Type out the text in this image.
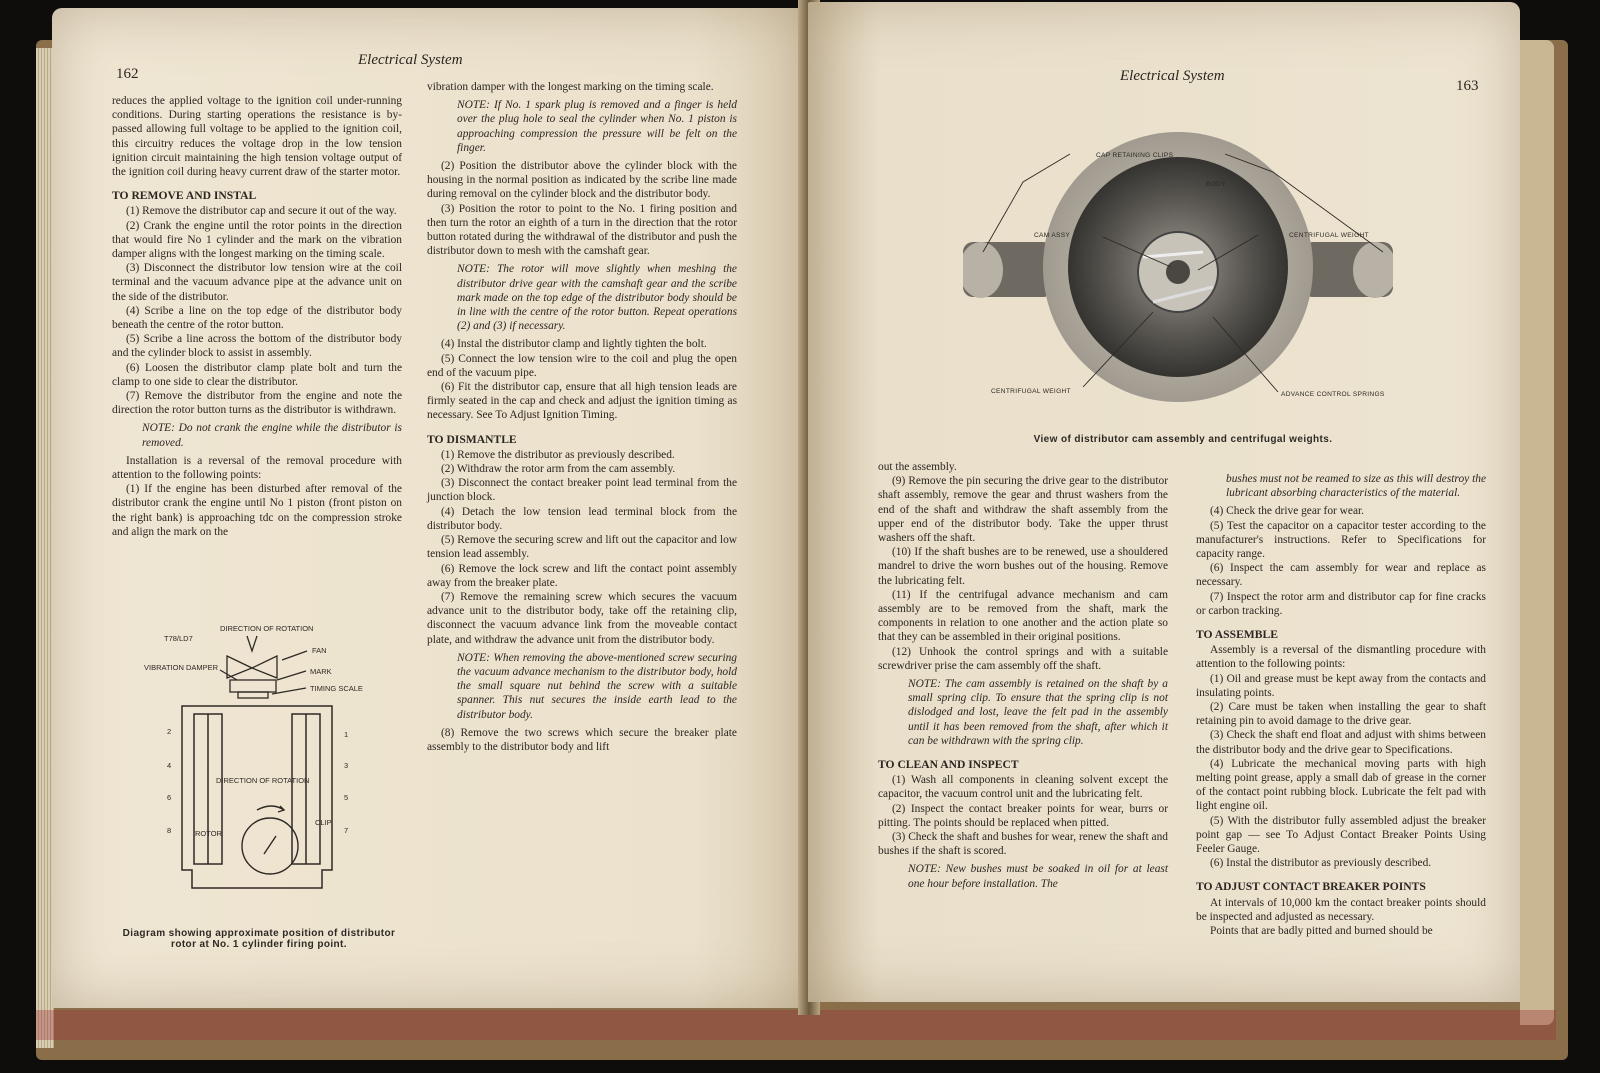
162
Electrical System

reduces the applied voltage to the ignition coil under-running conditions. During starting operations the resistance is by-passed allowing full voltage to be applied to the ignition coil, this circuitry reduces the voltage drop in the low tension ignition circuit maintaining the high tension voltage output of the ignition coil during heavy current draw of the starter motor.

TO REMOVE AND INSTAL

(1) Remove the distributor cap and secure it out of the way.

(2) Crank the engine until the rotor points in the direction that would fire No 1 cylinder and the mark on the vibration damper aligns with the longest marking on the timing scale.

(3) Disconnect the distributor low tension wire at the coil terminal and the vacuum advance pipe at the advance unit on the side of the distributor.

(4) Scribe a line on the top edge of the distributor body beneath the centre of the rotor button.

(5) Scribe a line across the bottom of the distributor body and the cylinder block to assist in assembly.

(6) Loosen the distributor clamp plate bolt and turn the clamp to one side to clear the distributor.

(7) Remove the distributor from the engine and note the direction the rotor button turns as the distributor is withdrawn.

NOTE: Do not crank the engine while the distributor is removed.

Installation is a reversal of the removal procedure with attention to the following points:

(1) If the engine has been disturbed after removal of the distributor crank the engine until No 1 piston (front piston on the right bank) is approaching tdc on the compression stroke and align the mark on the

vibration damper with the longest marking on the timing scale.

NOTE: If No. 1 spark plug is removed and a finger is held over the plug hole to seal the cylinder when No. 1 piston is approaching compression the pressure will be felt on the finger.

(2) Position the distributor above the cylinder block with the housing in the normal position as indicated by the scribe line made during removal on the cylinder block and the distributor body.

(3) Position the rotor to point to the No. 1 firing position and then turn the rotor an eighth of a turn in the direction that the rotor button rotated during the withdrawal of the distributor and push the distributor down to mesh with the camshaft gear.

NOTE: The rotor will move slightly when meshing the distributor drive gear with the camshaft gear and the scribe mark made on the top edge of the distributor body should be in line with the centre of the rotor button. Repeat operations (2) and (3) if necessary.

(4) Instal the distributor clamp and lightly tighten the bolt.

(5) Connect the low tension wire to the coil and plug the open end of the vacuum pipe.

(6) Fit the distributor cap, ensure that all high tension leads are firmly seated in the cap and check and adjust the ignition timing as necessary. See To Adjust Ignition Timing.

TO DISMANTLE

(1) Remove the distributor as previously described.

(2) Withdraw the rotor arm from the cam assembly.

(3) Disconnect the contact breaker point lead terminal from the junction block.

(4) Detach the low tension lead terminal block from the distributor body.

(5) Remove the securing screw and lift out the capacitor and low tension lead assembly.

(6) Remove the lock screw and lift the contact point assembly away from the breaker plate.

(7) Remove the remaining screw which secures the vacuum advance unit to the distributor body, take off the retaining clip, disconnect the vacuum advance link from the moveable contact plate, and withdraw the advance unit from the distributor body.

NOTE: When removing the above-mentioned screw securing the vacuum advance mechanism to the distributor body, hold the small square nut behind the screw with a suitable spanner. This nut secures the inside earth lead to the distributor body.

(8) Remove the two screws which secure the breaker plate assembly to the distributor body and lift

T78/LD7
DIRECTION OF ROTATION
FAN
VIBRATION DAMPER	MARK
TIMING SCALE
DIRECTION OF ROTATION
ROTOR
CLIP
2
4
6
8
1
3
5
7
Diagram showing approximate position of distributor
rotor at No. 1 cylinder firing point.
Electrical System
163
CAP RETAINING CLIPS
BODY
CAM ASSY	CENTRIFUGAL WEIGHT
CENTRIFUGAL WEIGHT	ADVANCE CONTROL SPRINGS
View of distributor cam assembly and centrifugal weights.

out the assembly.

(9) Remove the pin securing the drive gear to the distributor shaft assembly, remove the gear and thrust washers from the end of the shaft and withdraw the shaft assembly from the upper end of the distributor body. Take the upper thrust washers off the shaft.

(10) If the shaft bushes are to be renewed, use a shouldered mandrel to drive the worn bushes out of the housing. Remove the lubricating felt.

(11) If the centrifugal advance mechanism and cam assembly are to be removed from the shaft, mark the components in relation to one another and the action plate so that they can be assembled in their original positions.

(12) Unhook the control springs and with a suitable screwdriver prise the cam assembly off the shaft.

NOTE: The cam assembly is retained on the shaft by a small spring clip. To ensure that the spring clip is not dislodged and lost, leave the felt pad in the assembly until it has been removed from the shaft, after which it can be withdrawn with the spring clip.

TO CLEAN AND INSPECT

(1) Wash all components in cleaning solvent except the capacitor, the vacuum control unit and the lubricating felt.

(2) Inspect the contact breaker points for wear, burrs or pitting. The points should be replaced when pitted.

(3) Check the shaft and bushes for wear, renew the shaft and bushes if the shaft is scored.

NOTE: New bushes must be soaked in oil for at least one hour before installation. The

bushes must not be reamed to size as this will destroy the lubricant absorbing characteristics of the material.

(4) Check the drive gear for wear.

(5) Test the capacitor on a capacitor tester according to the manufacturer's instructions. Refer to Specifications for capacity range.

(6) Inspect the cam assembly for wear and replace as necessary.

(7) Inspect the rotor arm and distributor cap for fine cracks or carbon tracking.

TO ASSEMBLE

Assembly is a reversal of the dismantling procedure with attention to the following points:

(1) Oil and grease must be kept away from the contacts and insulating points.

(2) Care must be taken when installing the gear to shaft retaining pin to avoid damage to the drive gear.

(3) Check the shaft end float and adjust with shims between the distributor body and the drive gear to Specifications.

(4) Lubricate the mechanical moving parts with high melting point grease, apply a small dab of grease in the corner of the contact point rubbing block. Lubricate the felt pad with light engine oil.

(5) With the distributor fully assembled adjust the breaker point gap — see To Adjust Contact Breaker Points Using Feeler Gauge.

(6) Instal the distributor as previously described.

TO ADJUST CONTACT BREAKER POINTS

At intervals of 10,000 km the contact breaker points should be inspected and adjusted as necessary.

Points that are badly pitted and burned should be
